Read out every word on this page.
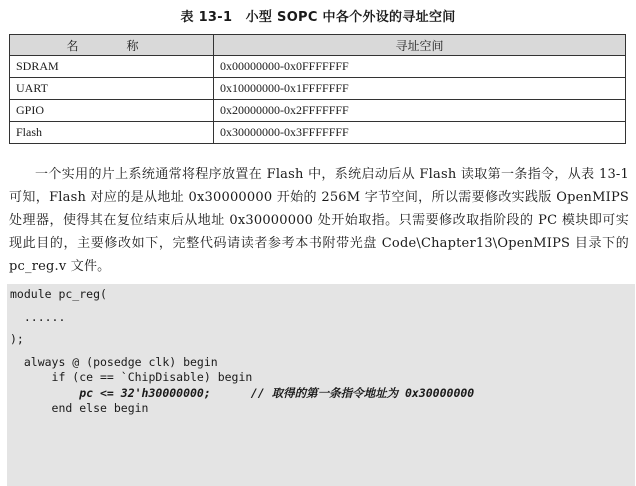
表 13-1　小型 SOPC 中各个外设的寻址空间
名　称	寻址空间
SDRAM	0x00000000-0x0FFFFFFF
UART	0x10000000-0x1FFFFFFF
GPIO	0x20000000-0x2FFFFFFF
Flash	0x30000000-0x3FFFFFFF
一个实用的片上系统通常将程序放置在 Flash 中，系统启动后从 Flash 读取第一条指令，从表 13-1 可知，Flash 对应的是从地址 0x30000000 开始的 256M 字节空间，所以需要修改实践版 OpenMIPS 处理器，使得其在复位结束后从地址 0x30000000 处开始取指。只需要修改取指阶段的 PC 模块即可实现此目的，主要修改如下，完整代码请读者参考本书附带光盘 Code\Chapter13\OpenMIPS 目录下的 pc_reg.v 文件。
module pc_reg(
......
);
always @ (posedge clk) begin
if (ce == `ChipDisable) begin
pc <= 32'h30000000;	// 取得的第一条指令地址为 0x30000000
end else begin
